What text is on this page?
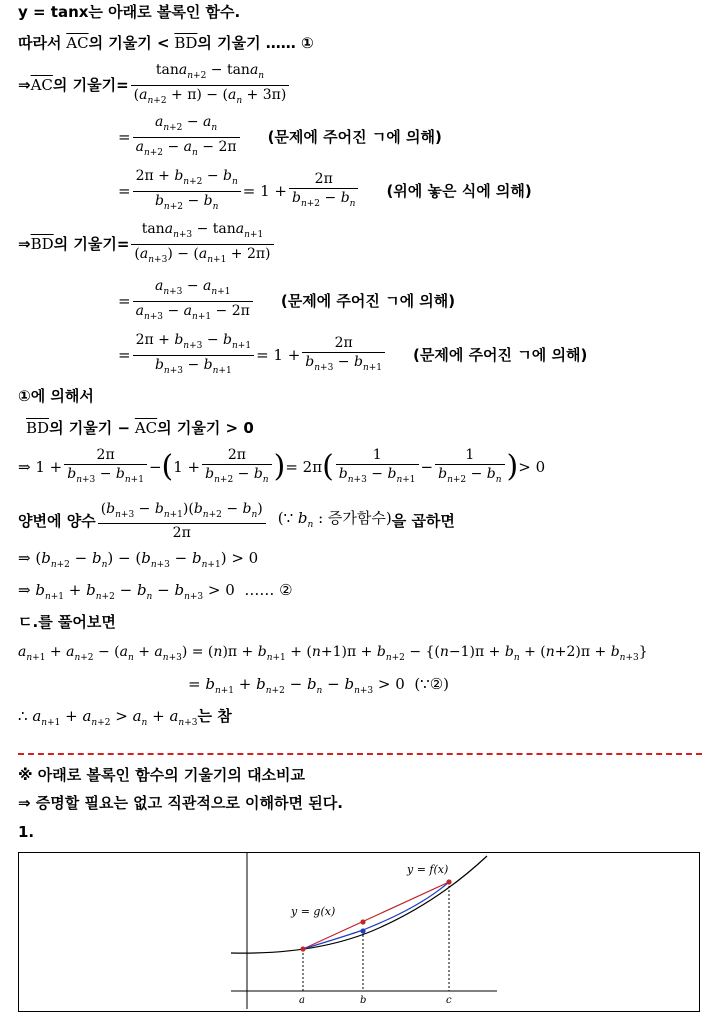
y = tanx는 아래로 볼록인 함수.
따라서 $\overline{AC}$의 기울기 < $\overline{BD}$의 기울기 …… ①
⇒ $\overline{AC}$ 의 기울기= $\frac{\tan a_{n+2} - \tan a_n}{(a_{n+2} + \pi) - (a_n + 3\pi)}$
= $\frac{a_{n+2} - a_n}{a_{n+2} - a_n - 2\pi}$ (문제에 주어진 ㄱ에 의해)
= $\frac{2\pi + b_{n+2} - b_n}{b_{n+2} - b_n} = 1 + \frac{2\pi}{b_{n+2} - b_n}$ (위에 놓은 식에 의해)
⇒ $\overline{BD}$ 의 기울기= $\frac{\tan a_{n+3} - \tan a_{n+1}}{(a_{n+3}) - (a_{n+1} + 2\pi)}$
= $\frac{a_{n+3} - a_{n+1}}{a_{n+3} - a_{n+1} - 2\pi}$ (문제에 주어진 ㄱ에 의해)
= $\frac{2\pi + b_{n+3} - b_{n+1}}{b_{n+3} - b_{n+1}} = 1 + \frac{2\pi}{b_{n+3} - b_{n+1}}$ (문제에 주어진 ㄱ에 의해)
①에 의해서
$\overline{BD}$의 기울기 − $\overline{AC}$의 기울기 > 0
⇒ $1 + \frac{2\pi}{b_{n+3} - b_{n+1}}$ − ( $1 + \frac{2\pi}{b_{n+2} - b_n}$ ) = 2π ( $\frac{1}{b_{n+3} - b_{n+1}} - \frac{1}{b_{n+2} - b_n}$ ) > 0
양변에 양수 $\frac{(b_{n+3} - b_{n+1})(b_{n+2} - b_n)}{2\pi}$ (∵ $b_n$ : 증가함수) 을 곱하면
⇒ $(b_{n+2} - b_n) - (b_{n+3} - b_{n+1}) > 0$
⇒ $b_{n+1} + b_{n+2} - b_n - b_{n+3} > 0$  …… ②
ㄷ.를 풀어보면
$a_{n+1} + a_{n+2} - (a_n + a_{n+3}) = (n)\pi + b_{n+1} + (n+1)\pi + b_{n+2} - \{(n-1)\pi + b_n + (n+2)\pi + b_{n+3}\}$
= $b_{n+1} + b_{n+2} - b_n - b_{n+3} > 0$  (∵②)
∴ $a_{n+1} + a_{n+2} > a_n + a_{n+3}$는 참
※ 아래로 볼록인 함수의 기울기의 대소비교
⇒ 증명할 필요는 없고 직관적으로 이해하면 된다.
1.
y = f(x)
y = g(x)
a	b	c
